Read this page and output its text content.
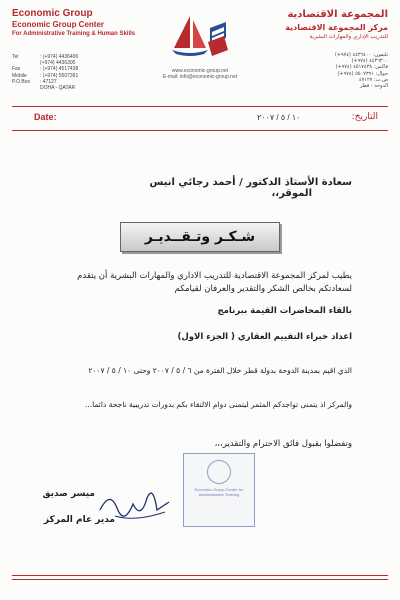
Economic Group
Economic Group Center
For Administrative Training & Human Skills
Tel	: (+974) 4436400
(+974) 4436300
Fax	: (+974) 4517438
Mobile	: (+974) 5507391
P.O.Box	: 47127
DOHA - QATAR
المجموعة الاقتصادية
مركز المجموعة الاقتصادية
للتدريب الإداري والمهارات البشرية
تليفون: ٤٤٣٦٤٠٠ (٩٧٤+)
٤٤٣٦٣٠٠ (٩٧٤+)
فاكس: ٤٥١٧٤٣٨ (٩٧٤+)
جوال: ٥٥٠٧٣٩١ (٩٧٤+)
ص.ب: ٤٧١٢٧
الدوحة - قطر
www.economic-group.net
E-mail: info@economic-group.net
Date:	١٠ / ٥ / ٢٠٠٧	التاريخ:
سعادة الأستاذ الدكتور / أحمد رجائي انيس الموقر،،
شـكـر وتـقــديـر
يطيب لمركز المجموعة الاقتصادية للتدريب الاداري والمهارات البشرية أن يتقدم لسعادتكم بخالص الشكر والتقدير والعرفان لقيامكم
بالقاء المحاضرات القيمة ببرنامج
اعداد خبراء التقييم العقاري ( الجزء الاول)
الذي اقيم بمدينة الدوحة بدولة قطر خلال الفترة من ٦ / ٥ / ٢٠٠٧ وحتى ١٠ / ٥ / ٢٠٠٧
والمركز اذ يتمنى تواجدكم المثمر ليتمنى دوام الالتقاء بكم بدورات تدريبية ناجحة دائما...
وتفضلوا بقبول فائق الاحترام والتقدير،،،
Economic Group Center for Administrative Training
ميسر صديق
مدير عام المركز
